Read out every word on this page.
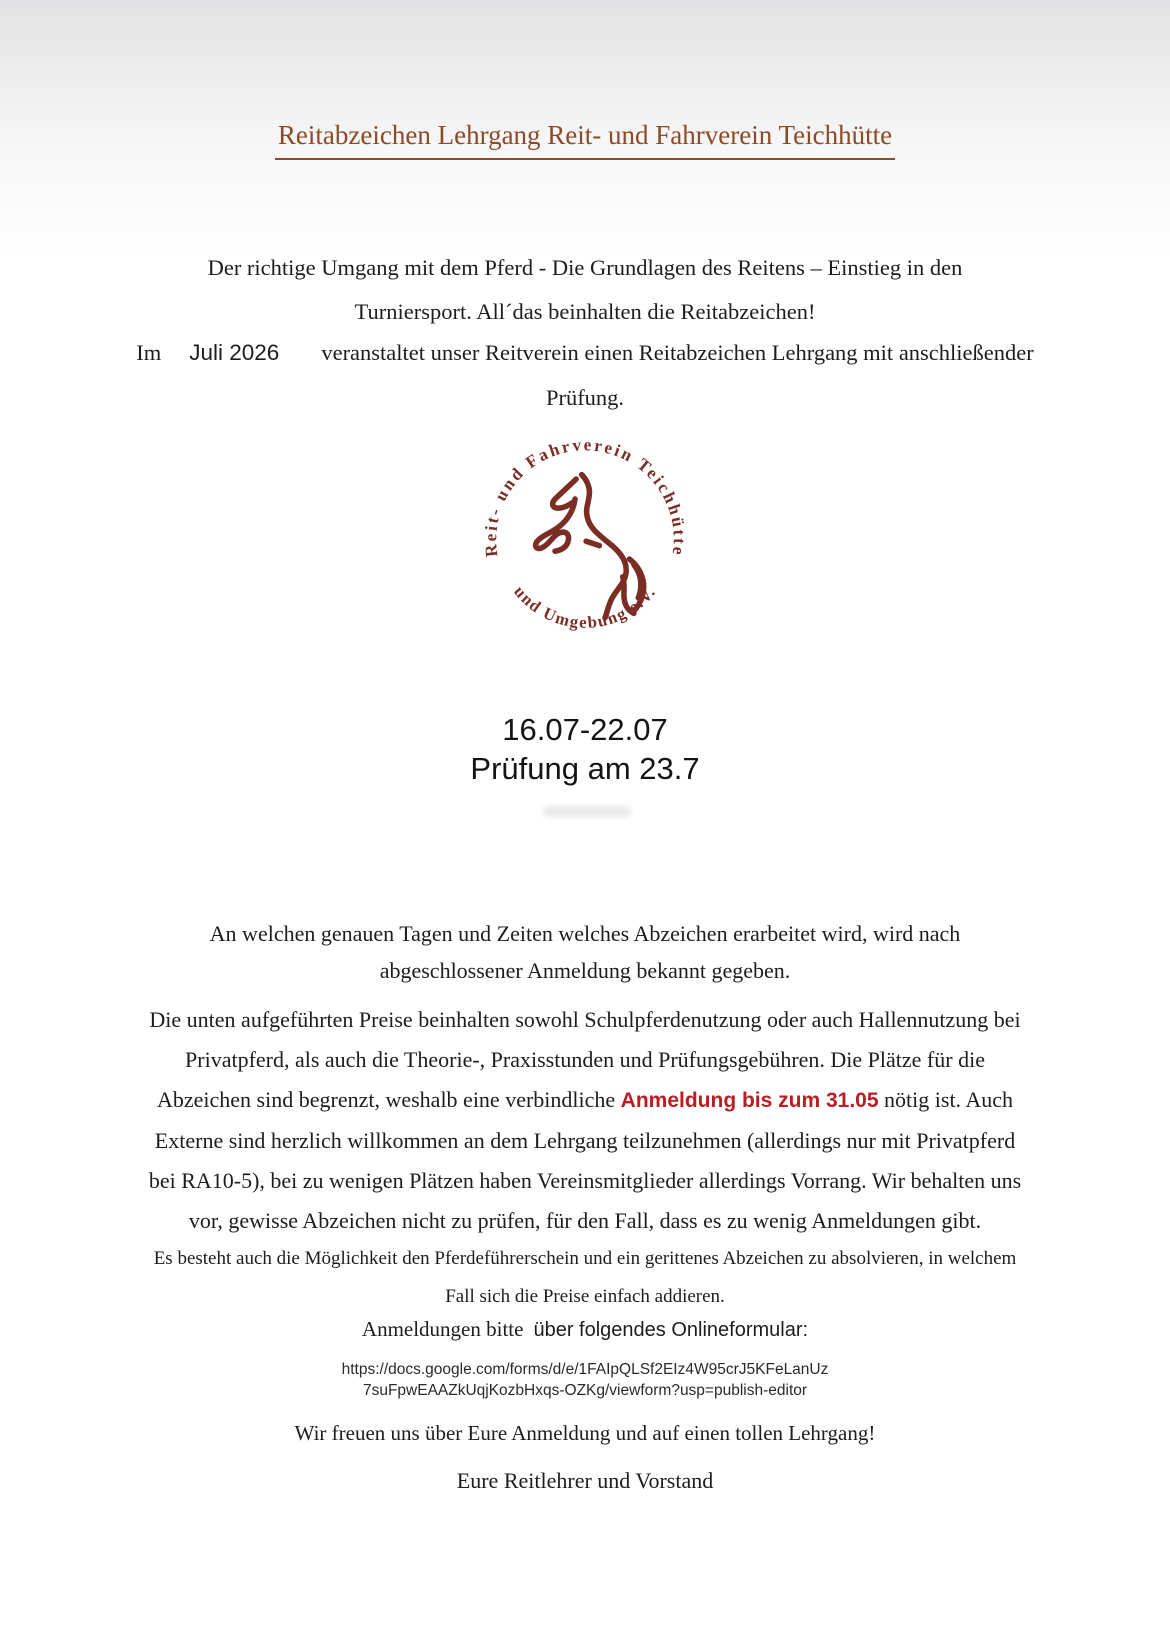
Reitabzeichen Lehrgang Reit- und Fahrverein Teichhütte
Der richtige Umgang mit dem Pferd - Die Grundlagen des Reitens – Einstieg in den
Turniersport. All´das beinhalten die Reitabzeichen!
Im Juli 2026 veranstaltet unser Reitverein einen Reitabzeichen Lehrgang mit anschließender
Prüfung.
Reit- und Fahrverein Teichhütte
und Umgebung e.V.
16.07-22.07
Prüfung am 23.7
An welchen genauen Tagen und Zeiten welches Abzeichen erarbeitet wird, wird nach
abgeschlossener Anmeldung bekannt gegeben.
Die unten aufgeführten Preise beinhalten sowohl Schulpferdenutzung oder auch Hallennutzung bei
Privatpferd, als auch die Theorie-, Praxisstunden und Prüfungsgebühren. Die Plätze für die
Abzeichen sind begrenzt, weshalb eine verbindliche Anmeldung bis zum 31.05 nötig ist. Auch
Externe sind herzlich willkommen an dem Lehrgang teilzunehmen (allerdings nur mit Privatpferd
bei RA10-5), bei zu wenigen Plätzen haben Vereinsmitglieder allerdings Vorrang. Wir behalten uns
vor, gewisse Abzeichen nicht zu prüfen, für den Fall, dass es zu wenig Anmeldungen gibt.
Es besteht auch die Möglichkeit den Pferdeführerschein und ein gerittenes Abzeichen zu absolvieren, in welchem
Fall sich die Preise einfach addieren.
Anmeldungen bitte über folgendes Onlineformular:
https://docs.google.com/forms/d/e/1FAIpQLSf2EIz4W95crJ5KFeLanUz
7suFpwEAAZkUqjKozbHxqs-OZKg/viewform?usp=publish-editor
Wir freuen uns über Eure Anmeldung und auf einen tollen Lehrgang!
Eure Reitlehrer und Vorstand
